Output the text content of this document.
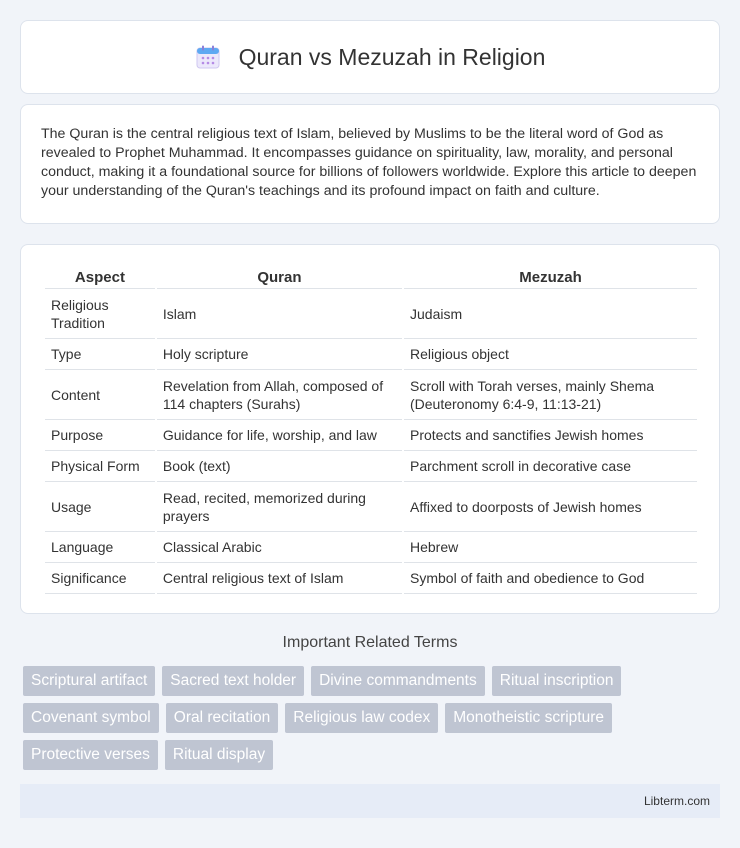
Quran vs Mezuzah in Religion

The Quran is the central religious text of Islam, believed by Muslims to be the literal word of God as revealed to Prophet Muhammad. It encompasses guidance on spirituality, law, morality, and personal conduct, making it a foundational source for billions of followers worldwide. Explore this article to deepen your understanding of the Quran's teachings and its profound impact on faith and culture.

Aspect	Quran	Mezuzah
Religious Tradition	Islam	Judaism
Type	Holy scripture	Religious object
Content	Revelation from Allah, composed of 114 chapters (Surahs)	Scroll with Torah verses, mainly Shema (Deuteronomy 6:4-9, 11:13-21)
Purpose	Guidance for life, worship, and law	Protects and sanctifies Jewish homes
Physical Form	Book (text)	Parchment scroll in decorative case
Usage	Read, recited, memorized during prayers	Affixed to doorposts of Jewish homes
Language	Classical Arabic	Hebrew
Significance	Central religious text of Islam	Symbol of faith and obedience to God
Important Related Terms
Scriptural artifact	Sacred text holder	Divine commandments	Ritual inscription
Covenant symbol	Oral recitation	Religious law codex	Monotheistic scripture
Protective verses	Ritual display
Libterm.com
